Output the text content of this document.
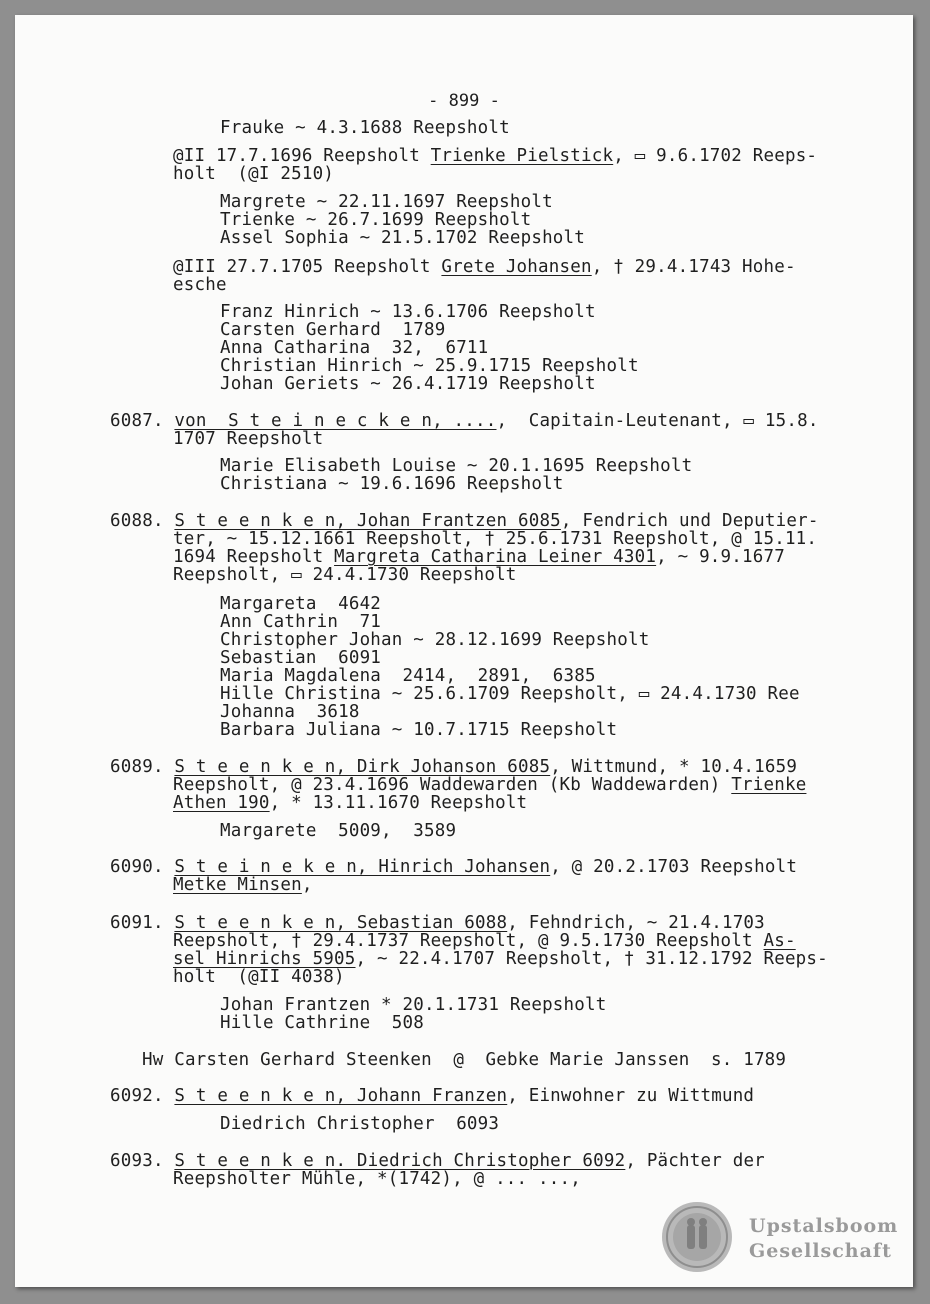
- 899 -
Frauke ~ 4.3.1688 Reepsholt
@II 17.7.1696 Reepsholt Trienke Pielstick, ▭ 9.6.1702 Reeps-
holt  (@I 2510)
Margrete ~ 22.11.1697 Reepsholt
Trienke ~ 26.7.1699 Reepsholt
Assel Sophia ~ 21.5.1702 Reepsholt
@III 27.7.1705 Reepsholt Grete Johansen, † 29.4.1743 Hohe-
esche
Franz Hinrich ~ 13.6.1706 Reepsholt
Carsten Gerhard  1789
Anna Catharina  32,  6711
Christian Hinrich ~ 25.9.1715 Reepsholt
Johan Geriets ~ 26.4.1719 Reepsholt
6087. von  S t e i n e c k e n, ....,  Capitain-Leutenant, ▭ 15.8.
1707 Reepsholt
Marie Elisabeth Louise ~ 20.1.1695 Reepsholt
Christiana ~ 19.6.1696 Reepsholt
6088. S t e e n k e n, Johan Frantzen 6085, Fendrich und Deputier-
ter, ~ 15.12.1661 Reepsholt, † 25.6.1731 Reepsholt, @ 15.11.
1694 Reepsholt Margreta Catharina Leiner 4301, ~ 9.9.1677
Reepsholt, ▭ 24.4.1730 Reepsholt
Margareta  4642
Ann Cathrin  71
Christopher Johan ~ 28.12.1699 Reepsholt
Sebastian  6091
Maria Magdalena  2414,  2891,  6385
Hille Christina ~ 25.6.1709 Reepsholt, ▭ 24.4.1730 Ree
Johanna  3618
Barbara Juliana ~ 10.7.1715 Reepsholt
6089. S t e e n k e n, Dirk Johanson 6085, Wittmund, * 10.4.1659
Reepsholt, @ 23.4.1696 Waddewarden (Kb Waddewarden) Trienke
Athen 190, * 13.11.1670 Reepsholt
Margarete  5009,  3589
6090. S t e i n e k e n, Hinrich Johansen, @ 20.2.1703 Reepsholt
Metke Minsen,
6091. S t e e n k e n, Sebastian 6088, Fehndrich, ~ 21.4.1703
Reepsholt, † 29.4.1737 Reepsholt, @ 9.5.1730 Reepsholt As-
sel Hinrichs 5905, ~ 22.4.1707 Reepsholt, † 31.12.1792 Reeps-
holt  (@II 4038)
Johan Frantzen * 20.1.1731 Reepsholt
Hille Cathrine  508
Hw Carsten Gerhard Steenken  @  Gebke Marie Janssen  s. 1789
6092. S t e e n k e n, Johann Franzen, Einwohner zu Wittmund
Diedrich Christopher  6093
6093. S t e e n k e n. Diedrich Christopher 6092, Pächter der
Reepsholter Mühle, *(1742), @ ... ...,
Upstalsboom
Gesellschaft
